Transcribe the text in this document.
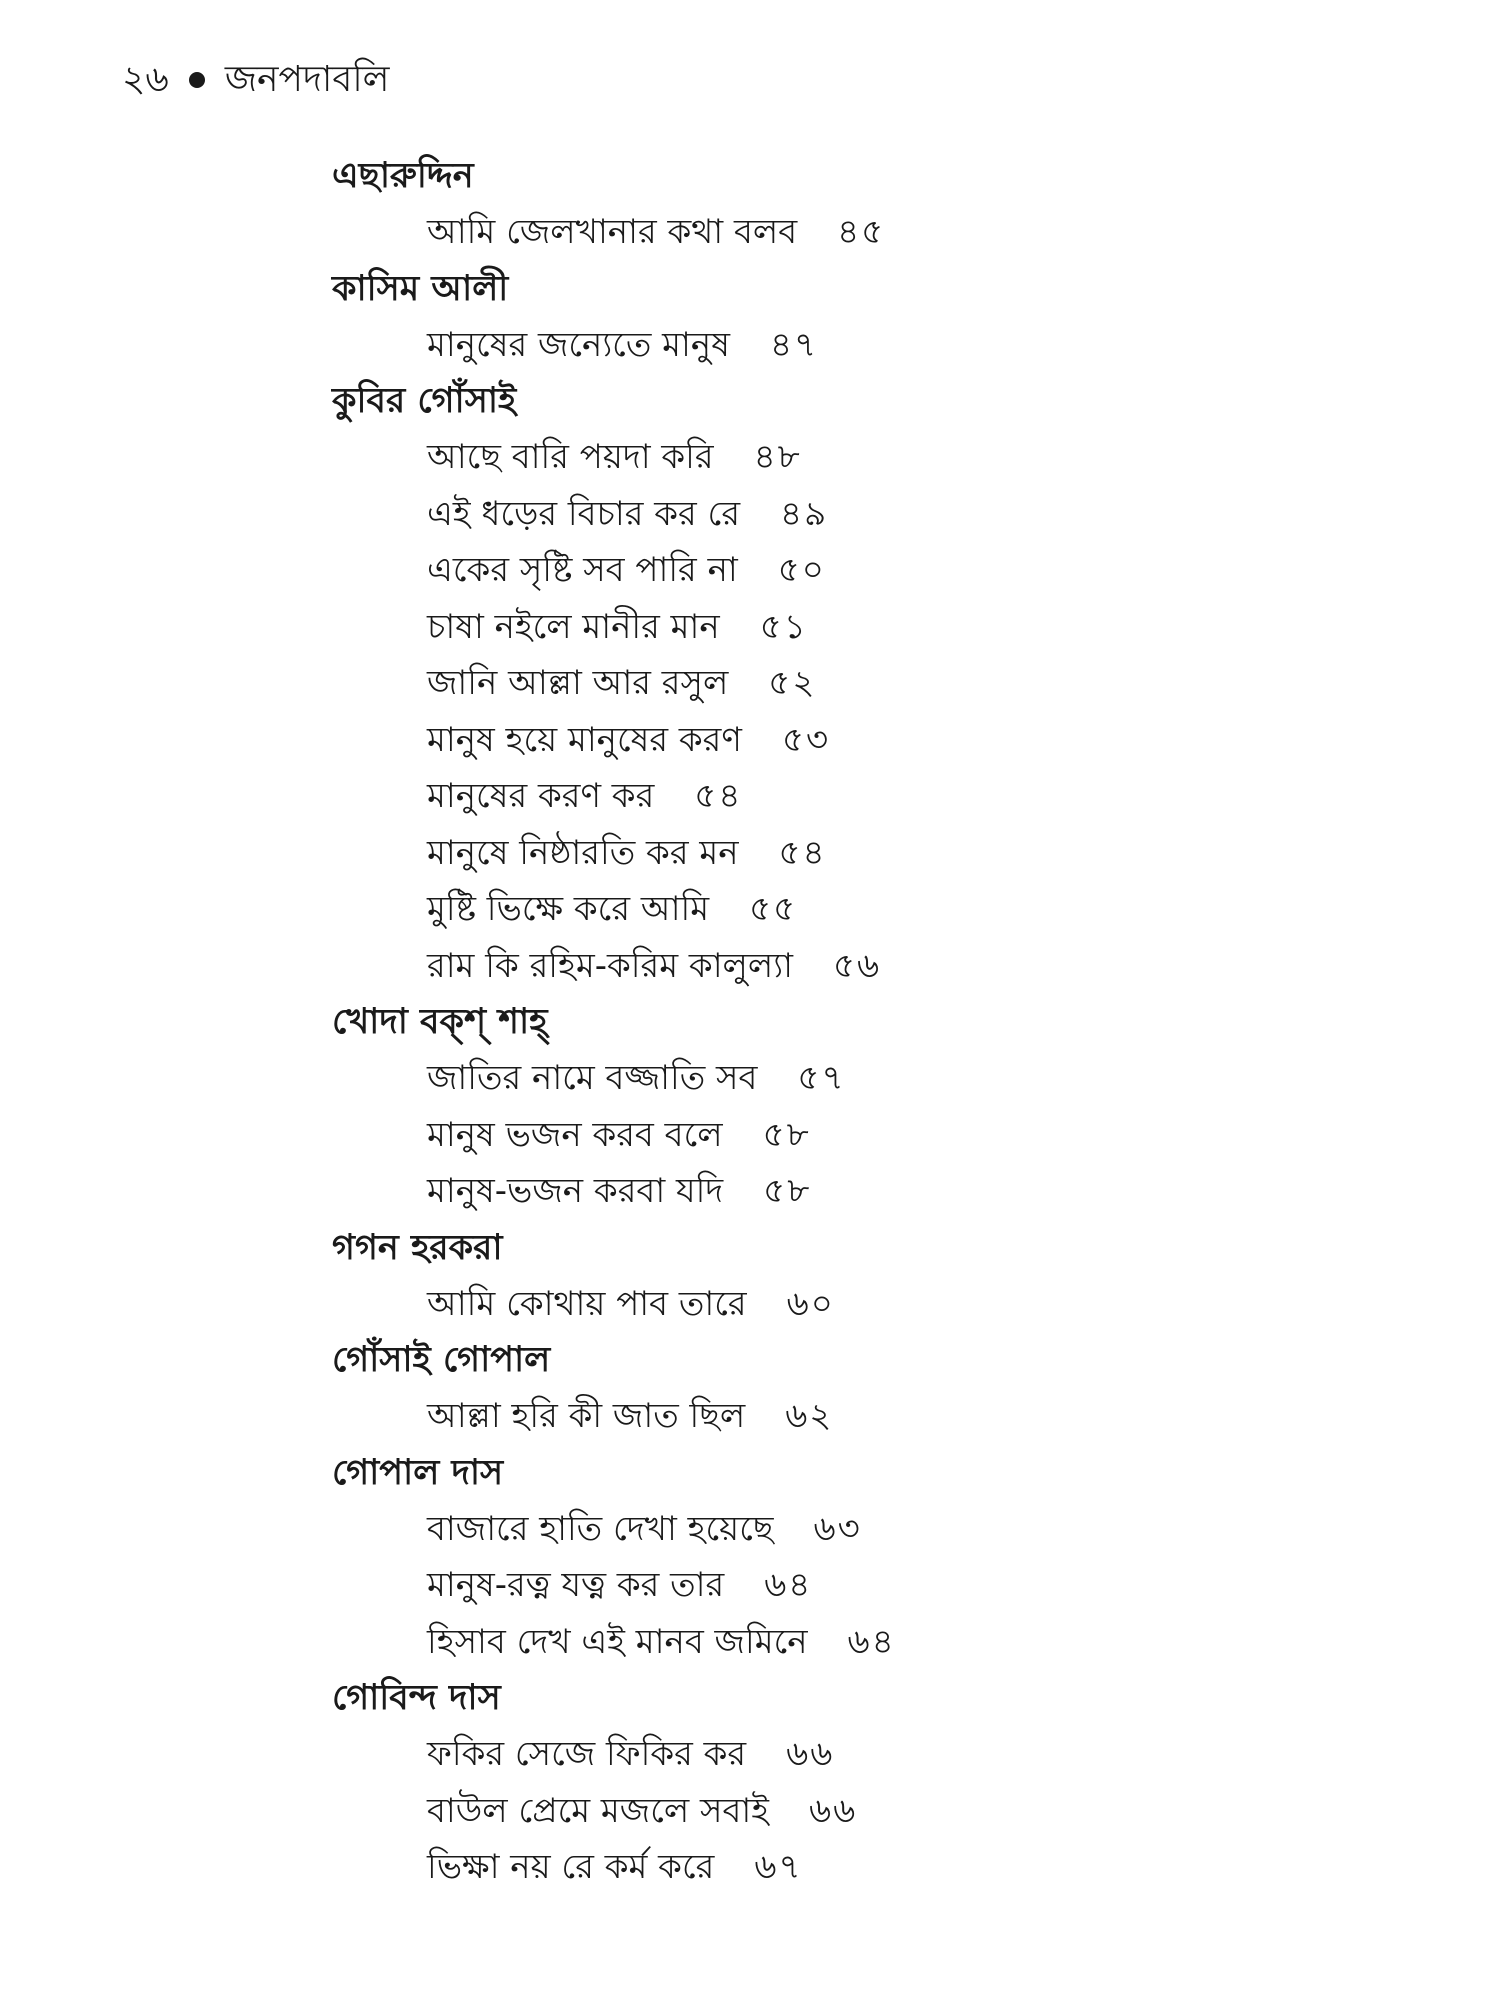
২৬ জনপদাবলি
এছারুদ্দিন
আমি জেলখানার কথা বলব ৪৫
কাসিম আলী
মানুষের জন্যেতে মানুষ ৪৭
কুবির গোঁসাই
আছে বারি পয়দা করি ৪৮
এই ধড়ের বিচার কর রে ৪৯
একের সৃষ্টি সব পারি না ৫০
চাষা নইলে মানীর মান ৫১
জানি আল্লা আর রসুল ৫২
মানুষ হয়ে মানুষের করণ ৫৩
মানুষের করণ কর ৫৪
মানুষে নিষ্ঠারতি কর মন ৫৪
মুষ্টি ভিক্ষে করে আমি ৫৫
রাম কি রহিম-করিম কালুল্যা ৫৬
খোদা বক্শ্ শাহ্
জাতির নামে বজ্জাতি সব ৫৭
মানুষ ভজন করব বলে ৫৮
মানুষ-ভজন করবা যদি ৫৮
গগন হরকরা
আমি কোথায় পাব তারে ৬০
গোঁসাই গোপাল
আল্লা হরি কী জাত ছিল ৬২
গোপাল দাস
বাজারে হাতি দেখা হয়েছে ৬৩
মানুষ-রত্ন যত্ন কর তার ৬৪
হিসাব দেখ এই মানব জমিনে ৬৪
গোবিন্দ দাস
ফকির সেজে ফিকির কর ৬৬
বাউল প্রেমে মজলে সবাই ৬৬
ভিক্ষা নয় রে কর্ম করে ৬৭
